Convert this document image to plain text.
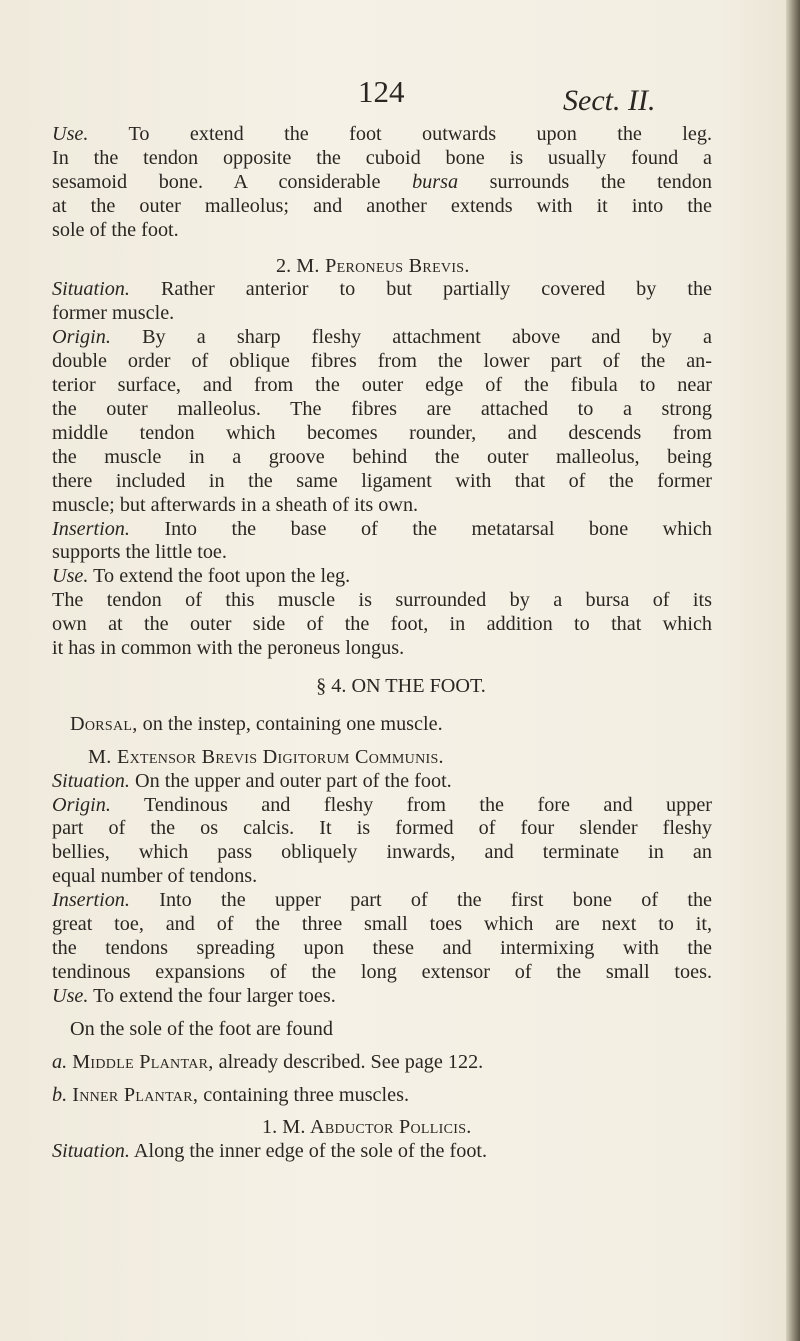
124	Sect. II.
Use. To extend the foot outwards upon the leg.
In the tendon opposite the cuboid bone is usually found a
sesamoid bone. A considerable bursa surrounds the tendon
at the outer malleolus; and another extends with it into the
sole of the foot.
2. M. Peroneus Brevis.
Situation. Rather anterior to but partially covered by the
former muscle.
Origin. By a sharp fleshy attachment above and by a
double order of oblique fibres from the lower part of the an-
terior surface, and from the outer edge of the fibula to near
the outer malleolus. The fibres are attached to a strong
middle tendon which becomes rounder, and descends from
the muscle in a groove behind the outer malleolus, being
there included in the same ligament with that of the former
muscle; but afterwards in a sheath of its own.
Insertion. Into the base of the metatarsal bone which
supports the little toe.
Use. To extend the foot upon the leg.
The tendon of this muscle is surrounded by a bursa of its
own at the outer side of the foot, in addition to that which
it has in common with the peroneus longus.
§ 4. ON THE FOOT.
Dorsal, on the instep, containing one muscle.
M. Extensor Brevis Digitorum Communis.
Situation. On the upper and outer part of the foot.
Origin. Tendinous and fleshy from the fore and upper
part of the os calcis. It is formed of four slender fleshy
bellies, which pass obliquely inwards, and terminate in an
equal number of tendons.
Insertion. Into the upper part of the first bone of the
great toe, and of the three small toes which are next to it,
the tendons spreading upon these and intermixing with the
tendinous expansions of the long extensor of the small toes.
Use. To extend the four larger toes.
On the sole of the foot are found
a. Middle Plantar, already described. See page 122.
b. Inner Plantar, containing three muscles.
1. M. Abductor Pollicis.
Situation. Along the inner edge of the sole of the foot.
